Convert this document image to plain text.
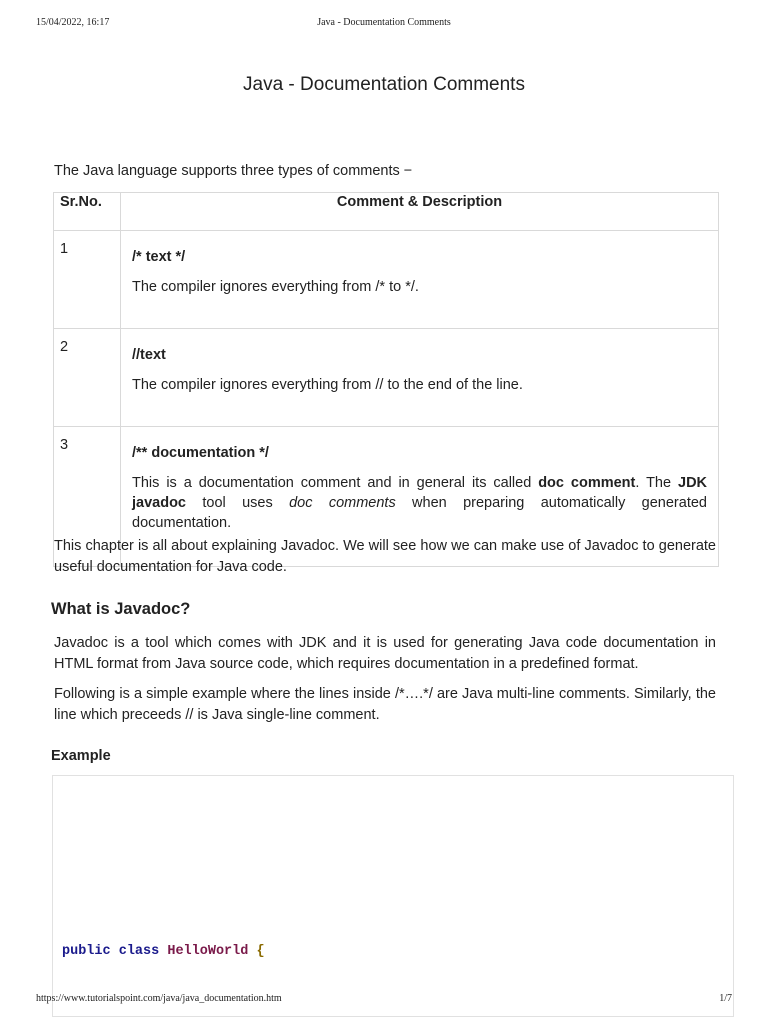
15/04/2022, 16:17	Java - Documentation Comments
Java - Documentation Comments
The Java language supports three types of comments −
Sr.No.	Comment & Description
1	/* text */
The compiler ignores everything from /* to */.

2	//text
The compiler ignores everything from // to the end of the line.

3	/** documentation */
This is a documentation comment and in general its called doc comment. The JDK javadoc tool uses doc comments when preparing automatically generated documentation.
This chapter is all about explaining Javadoc. We will see how we can make use of Javadoc to generate useful documentation for Java code.
What is Javadoc?
Javadoc is a tool which comes with JDK and it is used for generating Java code documentation in HTML format from Java source code, which requires documentation in a predefined format.
Following is a simple example where the lines inside /*….*/ are Java multi-line comments. Similarly, the line which preceeds // is Java single-line comment.
Example
public class HelloWorld {
https://www.tutorialspoint.com/java/java_documentation.htm	1/7
